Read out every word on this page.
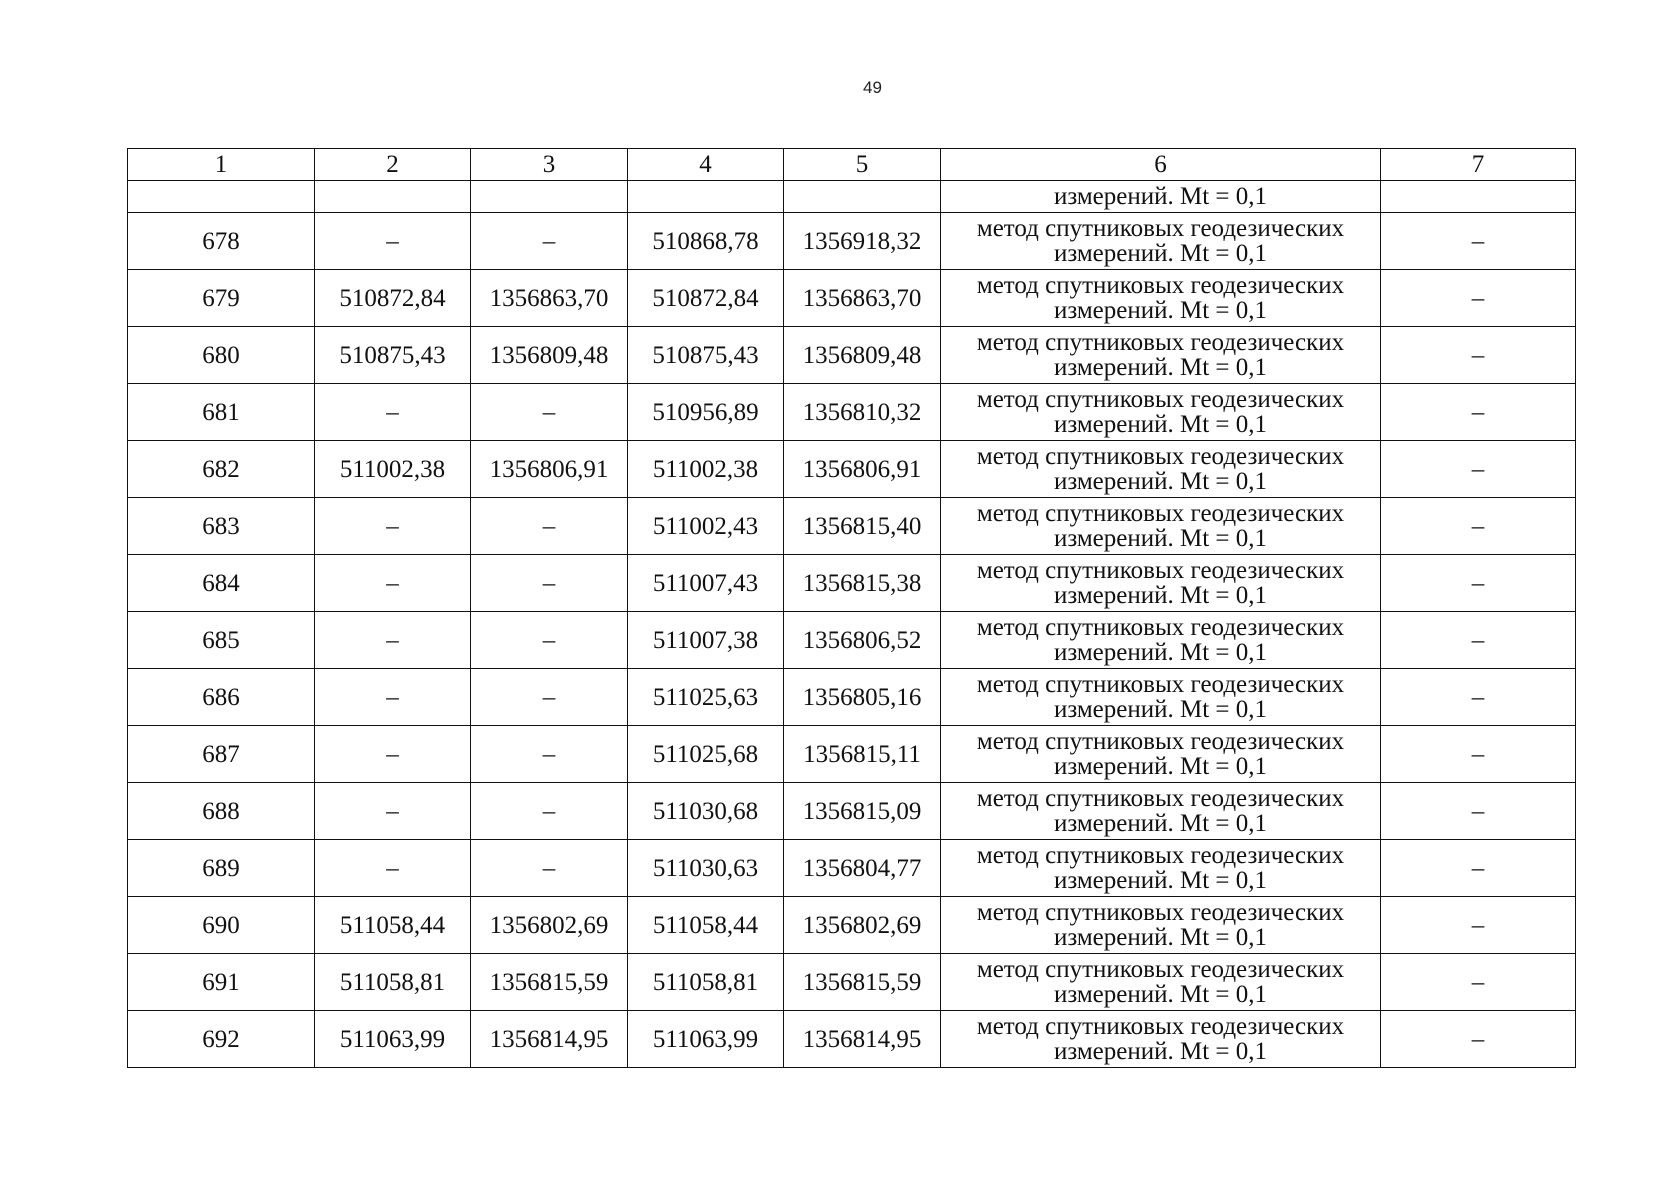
49
1	2	3	4	5	6	7
					измерений. Mt = 0,1	
678	–	–	510868,78	1356918,32	метод спутниковых геодезических
измерений. Mt = 0,1	–
679	510872,84	1356863,70	510872,84	1356863,70	метод спутниковых геодезических
измерений. Mt = 0,1	–
680	510875,43	1356809,48	510875,43	1356809,48	метод спутниковых геодезических
измерений. Mt = 0,1	–
681	–	–	510956,89	1356810,32	метод спутниковых геодезических
измерений. Mt = 0,1	–
682	511002,38	1356806,91	511002,38	1356806,91	метод спутниковых геодезических
измерений. Mt = 0,1	–
683	–	–	511002,43	1356815,40	метод спутниковых геодезических
измерений. Mt = 0,1	–
684	–	–	511007,43	1356815,38	метод спутниковых геодезических
измерений. Mt = 0,1	–
685	–	–	511007,38	1356806,52	метод спутниковых геодезических
измерений. Mt = 0,1	–
686	–	–	511025,63	1356805,16	метод спутниковых геодезических
измерений. Mt = 0,1	–
687	–	–	511025,68	1356815,11	метод спутниковых геодезических
измерений. Mt = 0,1	–
688	–	–	511030,68	1356815,09	метод спутниковых геодезических
измерений. Mt = 0,1	–
689	–	–	511030,63	1356804,77	метод спутниковых геодезических
измерений. Mt = 0,1	–
690	511058,44	1356802,69	511058,44	1356802,69	метод спутниковых геодезических
измерений. Mt = 0,1	–
691	511058,81	1356815,59	511058,81	1356815,59	метод спутниковых геодезических
измерений. Mt = 0,1	–
692	511063,99	1356814,95	511063,99	1356814,95	метод спутниковых геодезических
измерений. Mt = 0,1	–
